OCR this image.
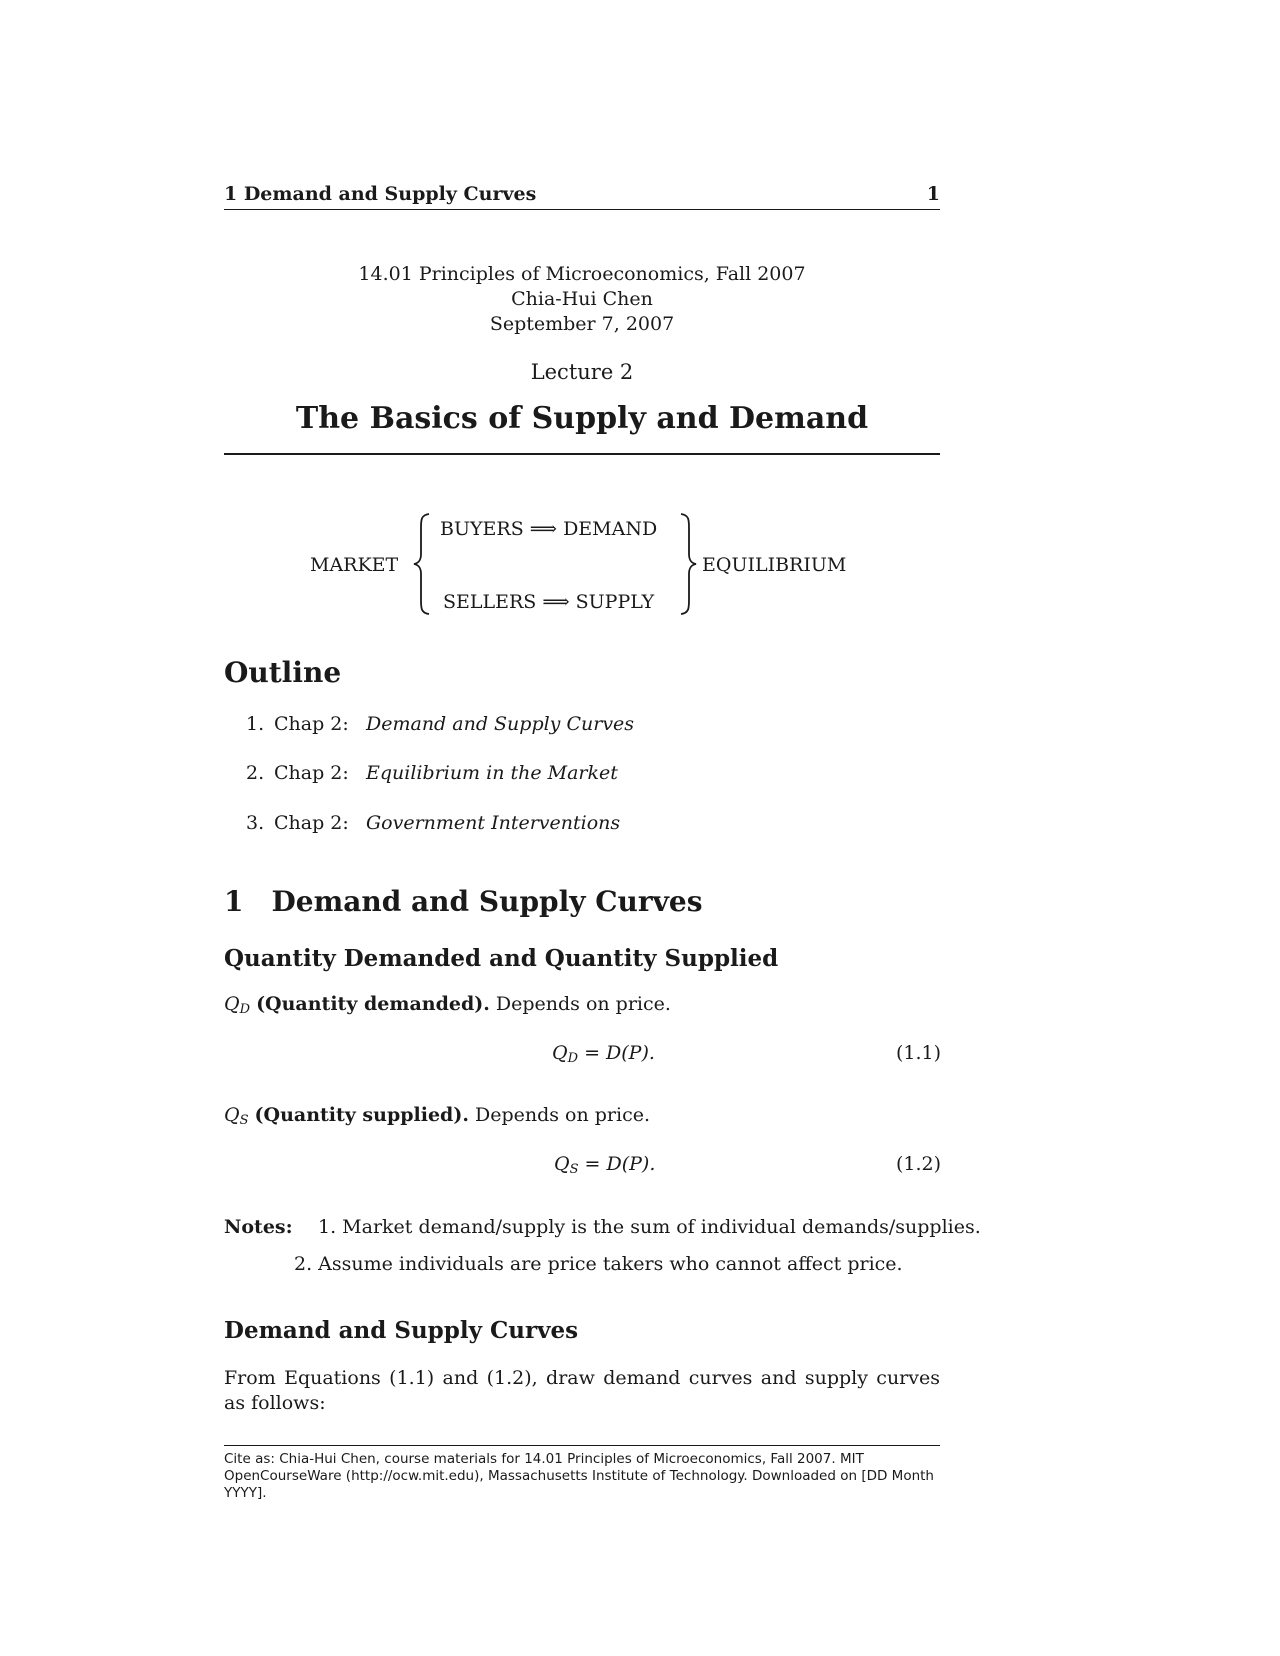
1 Demand and Supply Curves	1
14.01 Principles of Microeconomics, Fall 2007
Chia-Hui Chen
September 7, 2007
Lecture 2
The Basics of Supply and Demand
MARKET
BUYERS ⟹ DEMAND
SELLERS ⟹ SUPPLY
EQUILIBRIUM
Outline
1. Chap 2: Demand and Supply Curves
2. Chap 2: Equilibrium in the Market
3. Chap 2: Government Interventions
1 Demand and Supply Curves
Quantity Demanded and Quantity Supplied
QD (Quantity demanded). Depends on price.
QD = D(P).	(1.1)
QS (Quantity supplied). Depends on price.
QS = D(P).	(1.2)
Notes: 1. Market demand/supply is the sum of individual demands/supplies.
2. Assume individuals are price takers who cannot affect price.
Demand and Supply Curves
From Equations (1.1) and (1.2), draw demand curves and supply curves as follows:
Cite as: Chia-Hui Chen, course materials for 14.01 Principles of Microeconomics, Fall 2007. MIT OpenCourseWare (http://ocw.mit.edu), Massachusetts Institute of Technology. Downloaded on [DD Month YYYY].
